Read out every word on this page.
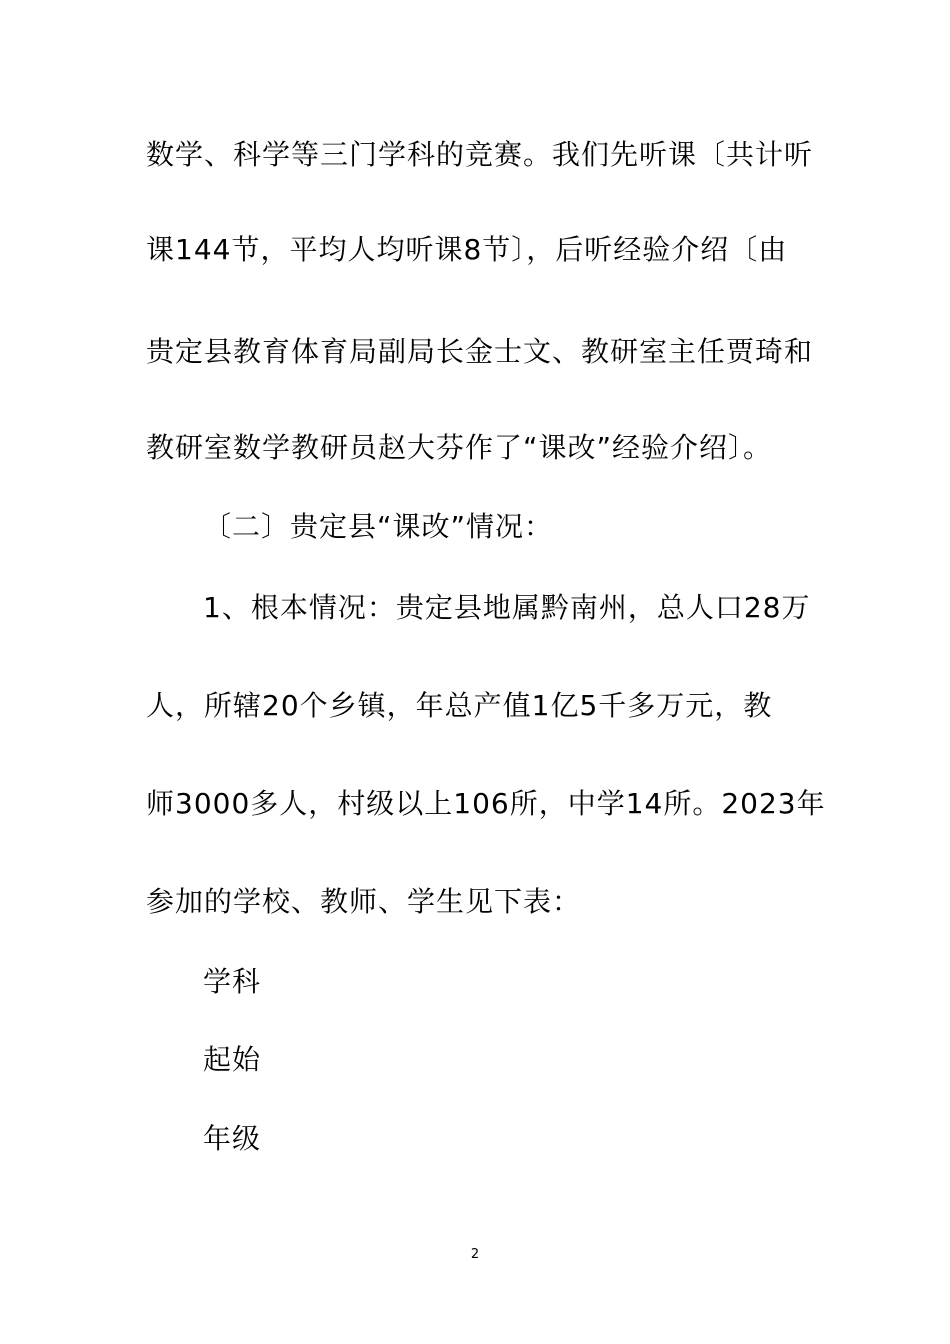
数学、科学等三门学科的竞赛。我们先听课〔共计听
课144节，平均人均听课8节〕，后听经验介绍〔由
贵定县教育体育局副局长金士文、教研室主任贾琦和
教研室数学教研员赵大芬作了“课改”经验介绍〕。
〔二〕贵定县“课改”情况：
1、根本情况：贵定县地属黔南州，总人口28万
人，所辖20个乡镇，年总产值1亿5千多万元，教
师3000多人，村级以上106所，中学14所。2023年
参加的学校、教师、学生见下表：
学科
起始
年级
2
